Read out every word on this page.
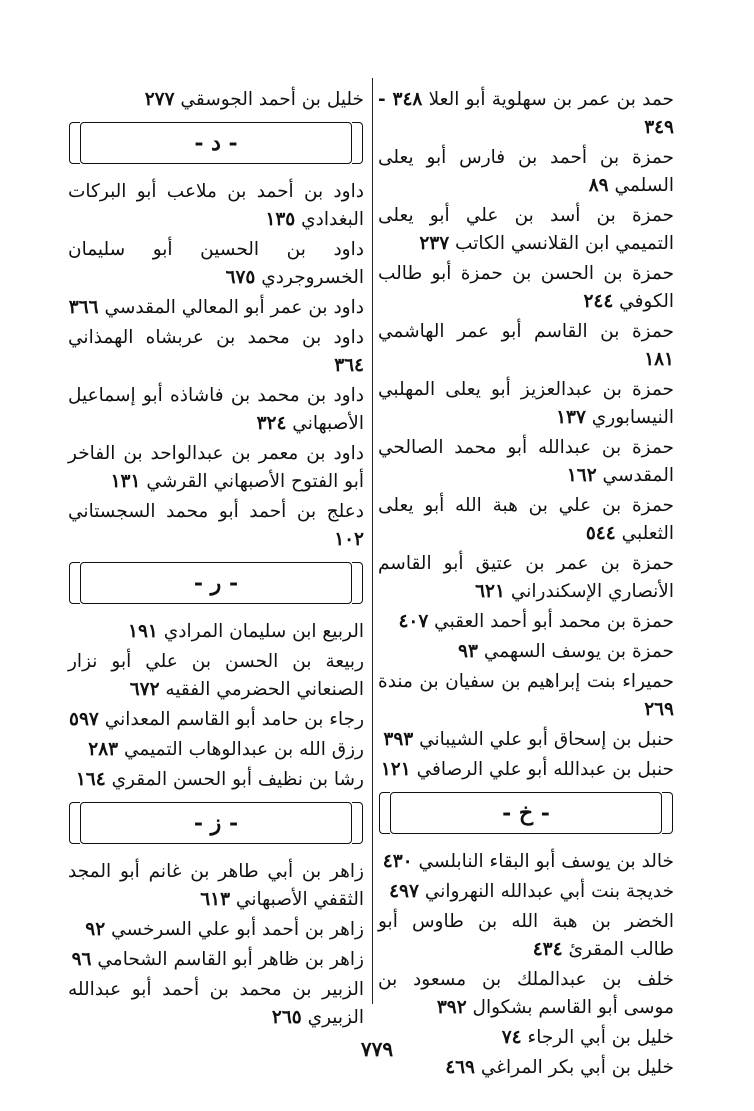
حمد بن عمر بن سهلوية أبو العلا ٣٤٨ - ٣٤٩
حمزة بن أحمد بن فارس أبو يعلى السلمي ٨٩
حمزة بن أسد بن علي أبو يعلى التميمي ابن القلانسي الكاتب ٢٣٧
حمزة بن الحسن بن حمزة أبو طالب الكوفي ٢٤٤
حمزة بن القاسم أبو عمر الهاشمي ١٨١
حمزة بن عبدالعزيز أبو يعلى المهلبي النيسابوري ١٣٧
حمزة بن عبدالله أبو محمد الصالحي المقدسي ١٦٢
حمزة بن علي بن هبة الله أبو يعلى الثعلبي ٥٤٤
حمزة بن عمر بن عتيق أبو القاسم الأنصاري الإسكندراني ٦٢١
حمزة بن محمد أبو أحمد العقبي ٤٠٧
حمزة بن يوسف السهمي ٩٣
حميراء بنت إبراهيم بن سفيان بن مندة ٢٦٩
حنبل بن إسحاق أبو علي الشيباني ٣٩٣
حنبل بن عبدالله أبو علي الرصافي ١٢١
- خ -
خالد بن يوسف أبو البقاء النابلسي ٤٣٠
خديجة بنت أبي عبدالله النهرواني ٤٩٧
الخضر بن هبة الله بن طاوس أبو طالب المقرئ ٤٣٤
خلف بن عبدالملك بن مسعود بن موسى أبو القاسم بشكوال ٣٩٢
خليل بن أبي الرجاء ٧٤
خليل بن أبي بكر المراغي ٤٦٩
خليل بن أحمد الجوسقي ٢٧٧
- د -
داود بن أحمد بن ملاعب أبو البركات البغدادي ١٣٥
داود بن الحسين أبو سليمان الخسروجردي ٦٧٥
داود بن عمر أبو المعالي المقدسي ٣٦٦
داود بن محمد بن عربشاه الهمذاني ٣٦٤
داود بن محمد بن فاشاذه أبو إسماعيل الأصبهاني ٣٢٤
داود بن معمر بن عبدالواحد بن الفاخر أبو الفتوح الأصبهاني القرشي ١٣١
دعلج بن أحمد أبو محمد السجستاني ١٠٢
- ر -
الربيع ابن سليمان المرادي ١٩١
ربيعة بن الحسن بن علي أبو نزار الصنعاني الحضرمي الفقيه ٦٧٢
رجاء بن حامد أبو القاسم المعداني ٥٩٧
رزق الله بن عبدالوهاب التميمي ٢٨٣
رشا بن نظيف أبو الحسن المقري ١٦٤
- ز -
زاهر بن أبي طاهر بن غانم أبو المجد الثقفي الأصبهاني ٦١٣
زاهر بن أحمد أبو علي السرخسي ٩٢
زاهر بن ظاهر أبو القاسم الشحامي ٩٦
الزبير بن محمد بن أحمد أبو عبدالله الزبيري ٢٦٥
٧٧٩
